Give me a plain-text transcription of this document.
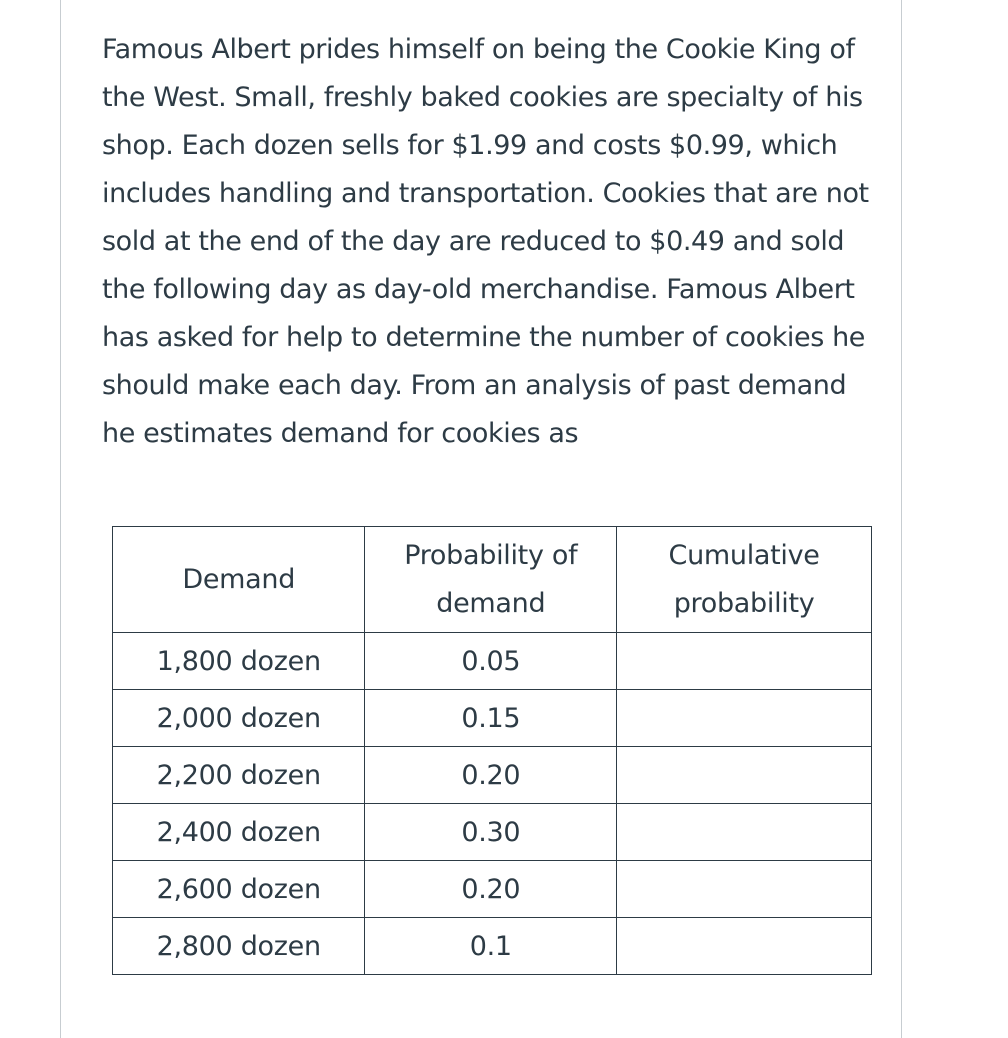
Famous Albert prides himself on being the Cookie King of the West. Small, freshly baked cookies are specialty of his shop. Each dozen sells for $1.99 and costs $0.99, which includes handling and transportation. Cookies that are not sold at the end of the day are reduced to $0.49 and sold the following day as day-old merchandise. Famous Albert has asked for help to determine the number of cookies he should make each day. From an analysis of past demand he estimates demand for cookies as

Demand	Probability of demand	Cumulative probability
1,800 dozen	0.05	
2,000 dozen	0.15	
2,200 dozen	0.20	
2,400 dozen	0.30	
2,600 dozen	0.20	
2,800 dozen	0.1	
